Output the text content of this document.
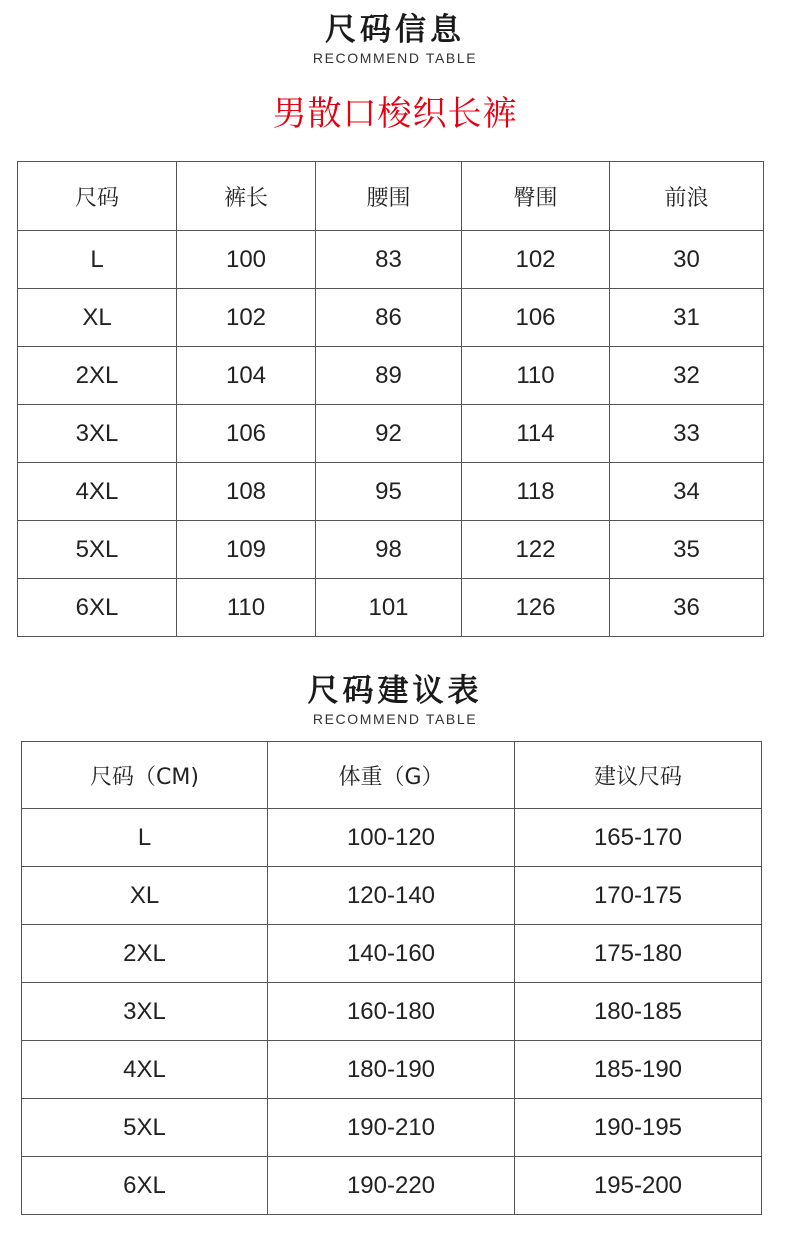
尺码信息
RECOMMEND TABLE
男散口梭织长裤
尺码	裤长	腰围	臀围	前浪
L	100	83	102	30
XL	102	86	106	31
2XL	104	89	110	32
3XL	106	92	114	33
4XL	108	95	118	34
5XL	109	98	122	35
6XL	110	101	126	36
尺码建议表
RECOMMEND TABLE
尺码（CM)	体重（G）	建议尺码
L	100-120	165-170
XL	120-140	170-175
2XL	140-160	175-180
3XL	160-180	180-185
4XL	180-190	185-190
5XL	190-210	190-195
6XL	190-220	195-200
